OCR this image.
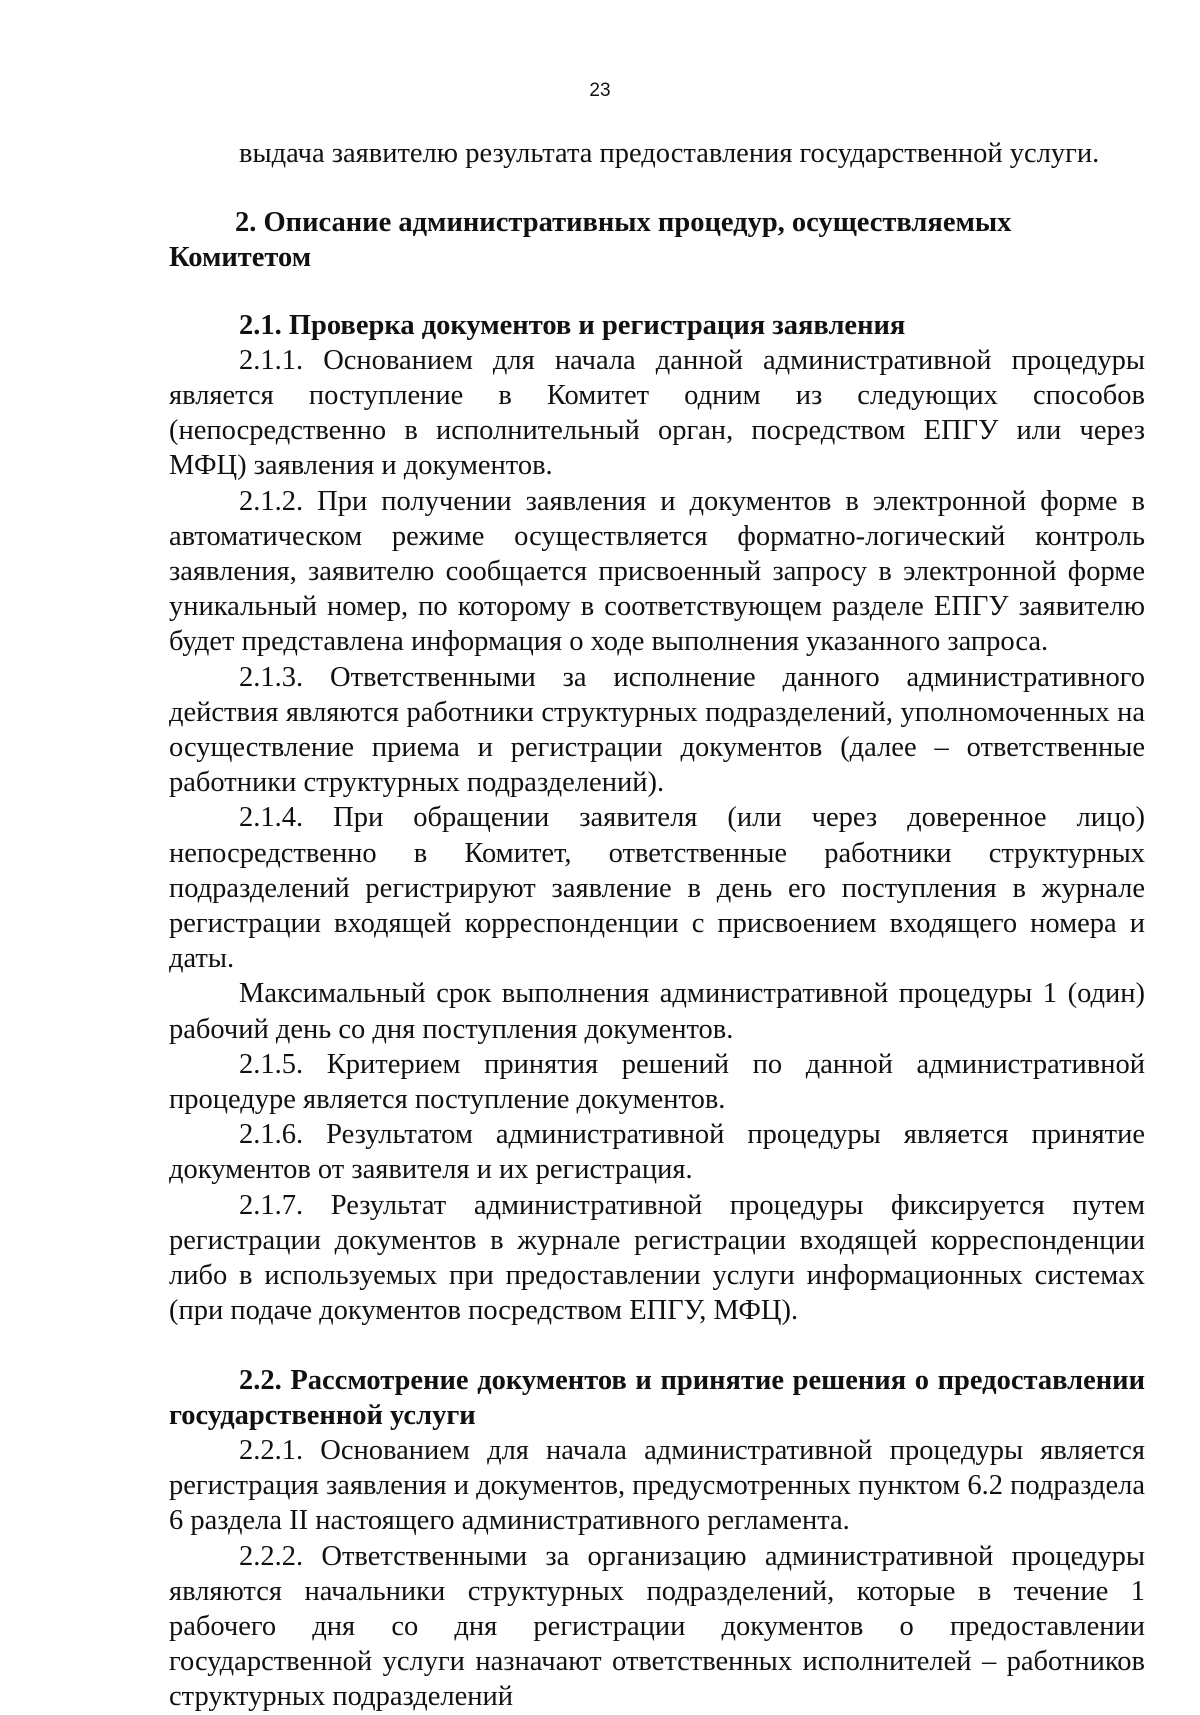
23

выдача заявителю результата предоставления государственной услуги.

2. Описание административных процедур, осуществляемых Комитетом

2.1. Проверка документов и регистрация заявления

2.1.1. Основанием для начала данной административной процедуры является поступление в Комитет одним из следующих способов (непосредственно в исполнительный орган, посредством ЕПГУ или через МФЦ) заявления и документов.

2.1.2. При получении заявления и документов в электронной форме в автоматическом режиме осуществляется форматно-логический контроль заявления, заявителю сообщается присвоенный запросу в электронной форме уникальный номер, по которому в соответствующем разделе ЕПГУ заявителю будет представлена информация о ходе выполнения указанного запроса.

2.1.3. Ответственными за исполнение данного административного действия являются работники структурных подразделений, уполномоченных на осуществление приема и регистрации документов (далее – ответственные работники структурных подразделений).

2.1.4. При обращении заявителя (или через доверенное лицо) непосредственно в Комитет, ответственные работники структурных подразделений регистрируют заявление в день его поступления в журнале регистрации входящей корреспонденции с присвоением входящего номера и даты.

Максимальный срок выполнения административной процедуры 1 (один) рабочий день со дня поступления документов.

2.1.5. Критерием принятия решений по данной административной процедуре является поступление документов.

2.1.6. Результатом административной процедуры является принятие документов от заявителя и их регистрация.

2.1.7. Результат административной процедуры фиксируется путем регистрации документов в журнале регистрации входящей корреспонденции либо в используемых при предоставлении услуги информационных системах (при подаче документов посредством ЕПГУ, МФЦ).

2.2. Рассмотрение документов и принятие решения о предоставлении государственной услуги

2.2.1. Основанием для начала административной процедуры является регистрация заявления и документов, предусмотренных пунктом 6.2 подраздела 6 раздела II настоящего административного регламента.

2.2.2. Ответственными за организацию административной процедуры являются начальники структурных подразделений, которые в течение 1 рабочего дня со дня регистрации документов о предоставлении государственной услуги назначают ответственных исполнителей – работников структурных подразделений
